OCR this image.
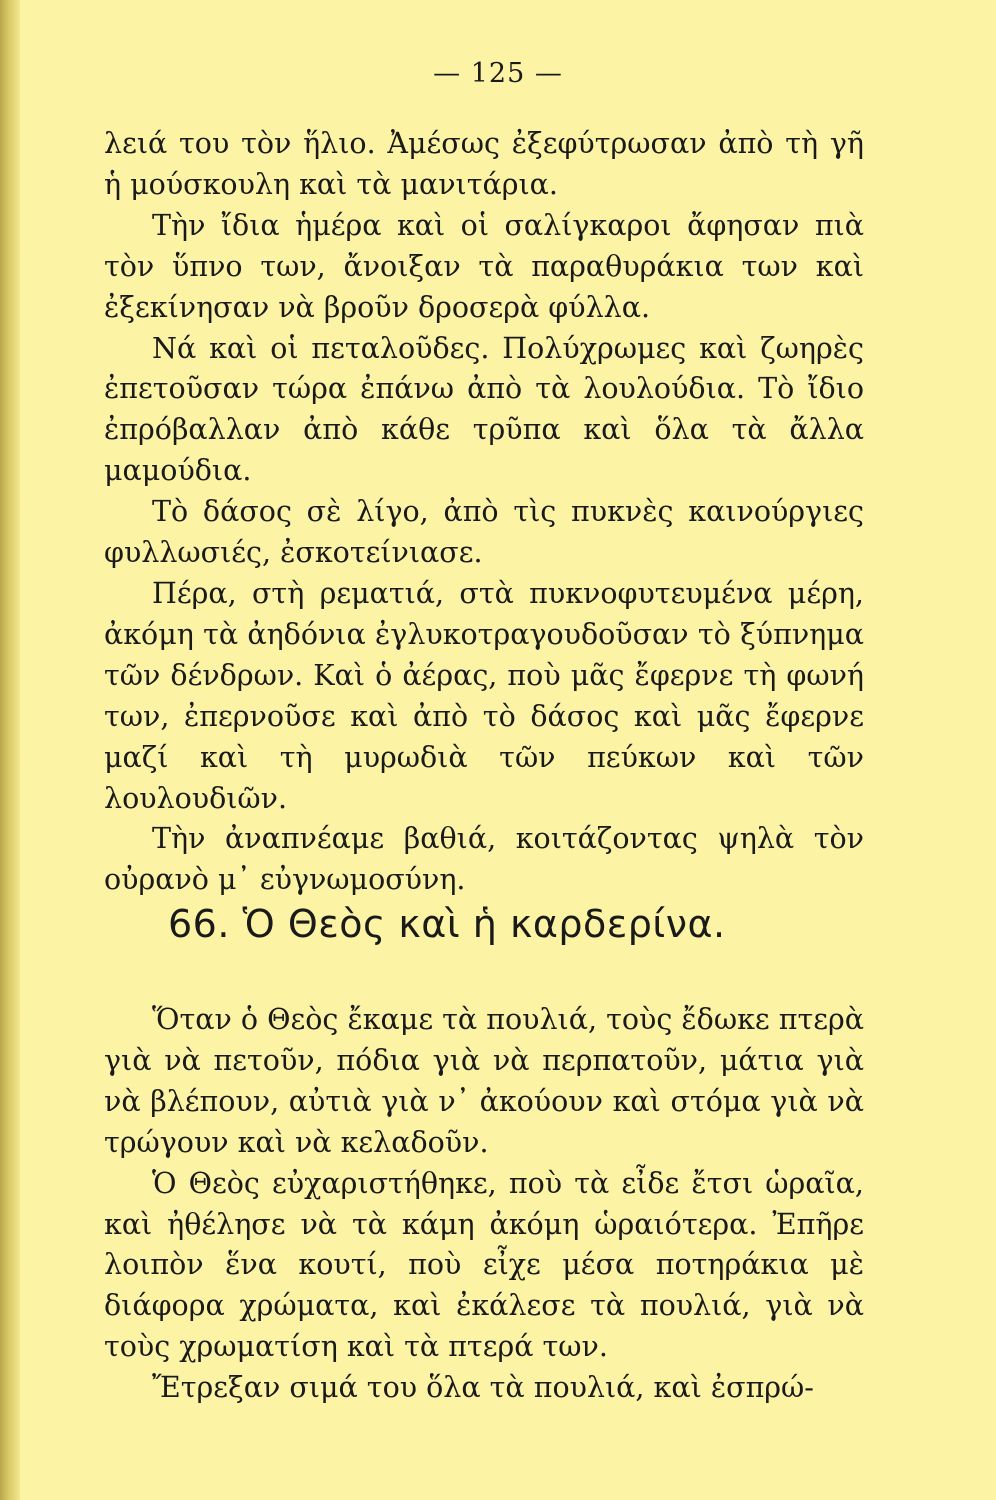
— 125 —

λειά του τὸν ἥλιο. Ἀμέσως ἐξεφύτρωσαν ἀπὸ τὴ γῆ ἡ μούσκουλη καὶ τὰ μανιτάρια.

Τὴν ἴδια ἡμέρα καὶ οἱ σαλίγκαροι ἄφησαν πιὰ τὸν ὕπνο των, ἄνοιξαν τὰ παραθυράκια των καὶ ἐξεκίνησαν νὰ βροῦν δροσερὰ φύλλα.

Νά καὶ οἱ πεταλοῦδες. Πολύχρωμες καὶ ζωηρὲς ἐπετοῦσαν τώρα ἐπάνω ἀπὸ τὰ λουλούδια. Τὸ ἴδιο ἐπρόβαλλαν ἀπὸ κάθε τρῦπα καὶ ὅλα τὰ ἄλλα μαμούδια.

Τὸ δάσος σὲ λίγο, ἀπὸ τὶς πυκνὲς καινούργιες φυλλωσιές, ἐσκοτείνιασε.

Πέρα, στὴ ρεματιά, στὰ πυκνοφυτευμένα μέρη, ἀκόμη τὰ ἀηδόνια ἐγλυκοτραγουδοῦσαν τὸ ξύπνημα τῶν δένδρων. Καὶ ὁ ἀέρας, ποὺ μᾶς ἔφερνε τὴ φωνή των, ἐπερνοῦσε καὶ ἀπὸ τὸ δάσος καὶ μᾶς ἔφερνε μαζί καὶ τὴ μυρωδιὰ τῶν πεύκων καὶ τῶν λουλουδιῶν.

Τὴν ἀναπνέαμε βαθιά, κοιτάζοντας ψηλὰ τὸν οὐρανὸ μ᾽ εὐγνωμοσύνη.

66. Ὁ Θεὸς καὶ ἡ καρδερίνα.

Ὅταν ὁ Θεὸς ἔκαμε τὰ πουλιά, τοὺς ἔδωκε πτερὰ γιὰ νὰ πετοῦν, πόδια γιὰ νὰ περπατοῦν, μάτια γιὰ νὰ βλέπουν, αὐτιὰ γιὰ ν᾽ ἀκούουν καὶ στόμα γιὰ νὰ τρώγουν καὶ νὰ κελαδοῦν.

Ὁ Θεὸς εὐχαριστήθηκε, ποὺ τὰ εἶδε ἔτσι ὡραῖα, καὶ ἠθέλησε νὰ τὰ κάμη ἀκόμη ὡραιότερα. Ἐπῆρε λοιπὸν ἕνα κουτί, ποὺ εἶχε μέσα ποτηράκια μὲ διάφορα χρώματα, καὶ ἐκάλεσε τὰ πουλιά, γιὰ νὰ τοὺς χρωματίση καὶ τὰ πτερά των.

Ἔτρεξαν σιμά του ὅλα τὰ πουλιά, καὶ ἐσπρώ-
